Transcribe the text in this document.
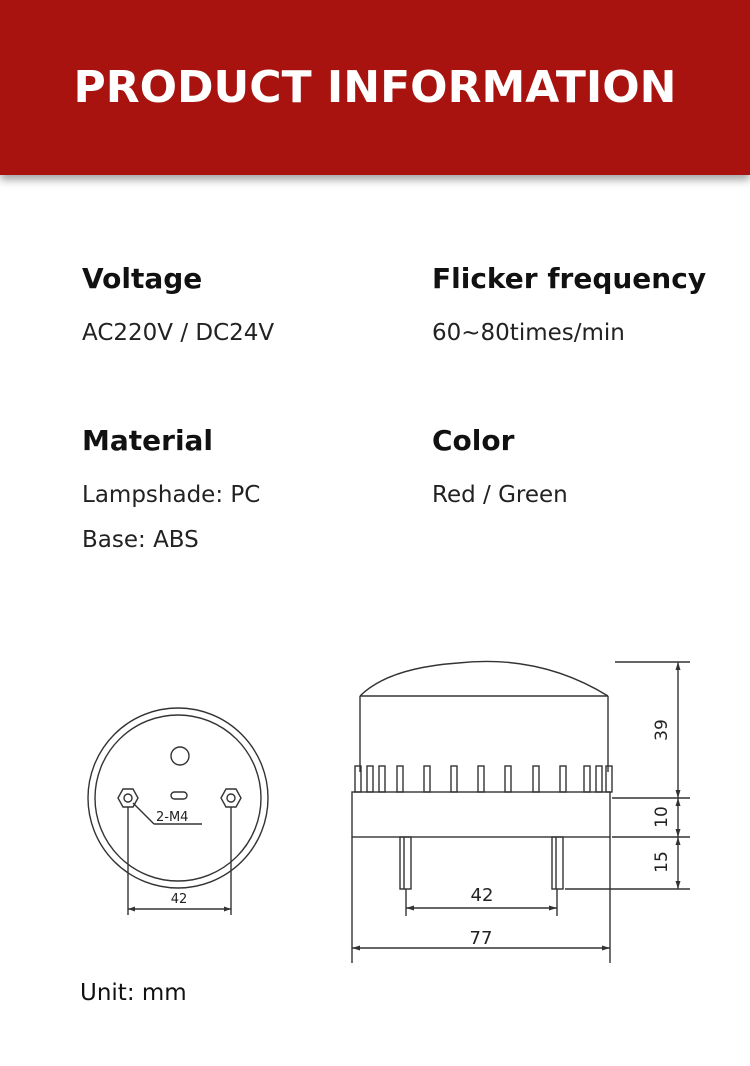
PRODUCT INFORMATION
Voltage
AC220V / DC24V
Flicker frequency
60~80times/min
Material
Lampshade: PC
Base: ABS
Color
Red / Green
2-M4
42
39
10
15
42
77
Unit: mm
